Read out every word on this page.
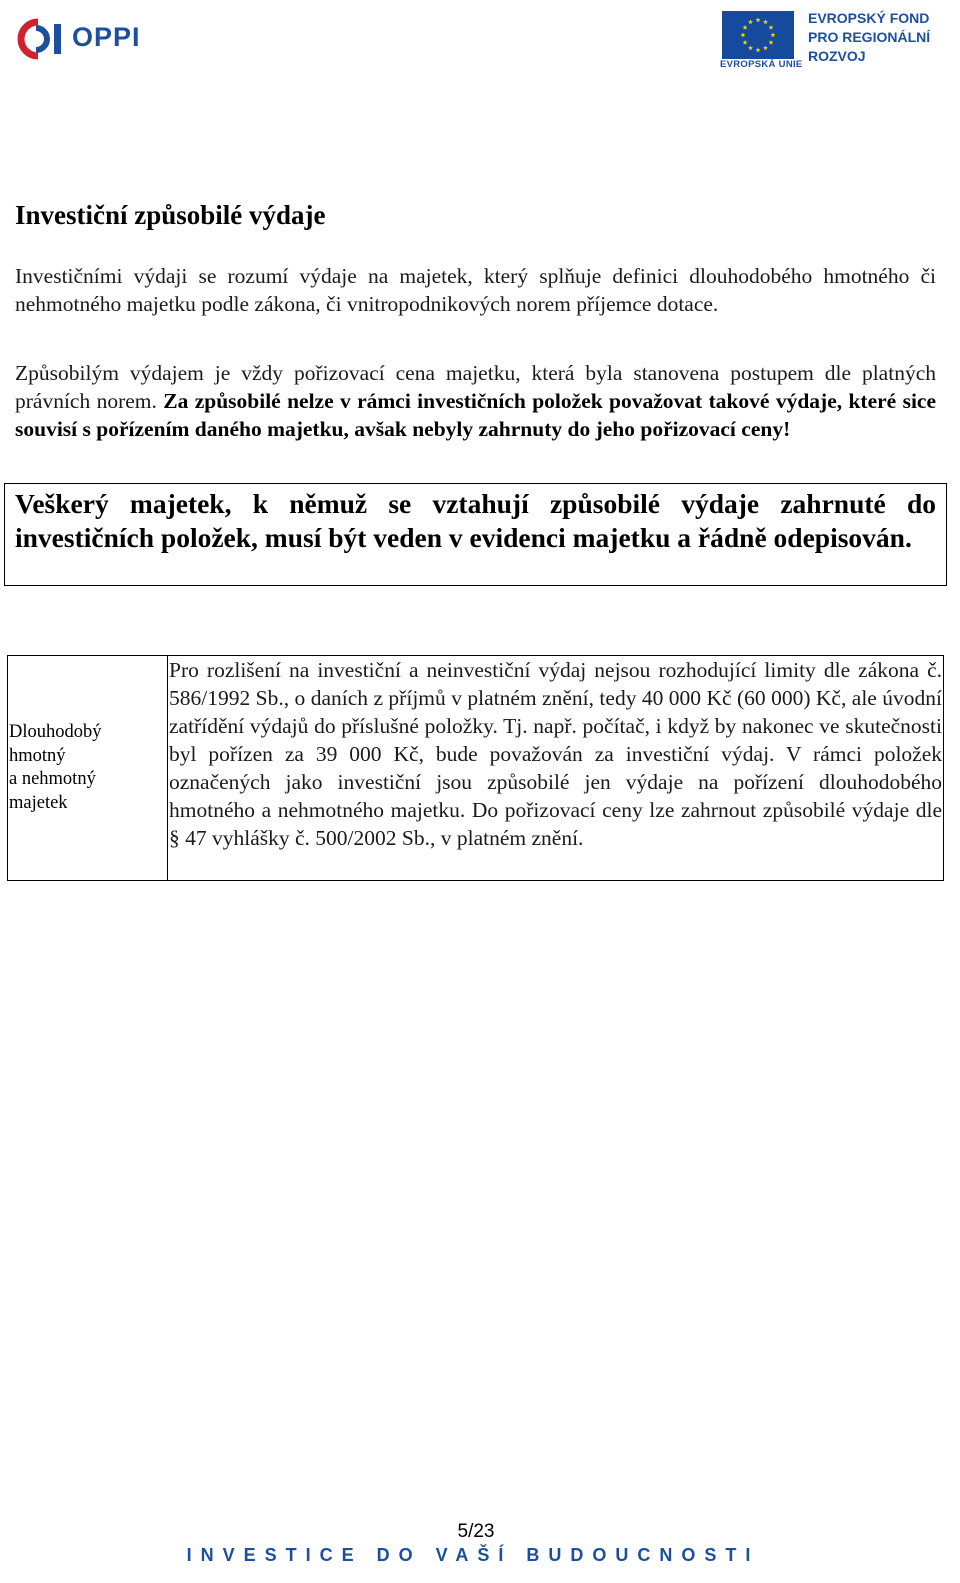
OPPI
EVROPSKÁ UNIE
EVROPSKÝ FOND
PRO REGIONÁLNÍ
ROZVOJ
Investiční způsobilé výdaje
Investičními výdaji se rozumí výdaje na majetek, který splňuje definici dlouhodobého hmotného či nehmotného majetku podle zákona, či vnitropodnikových norem příjemce dotace.
Způsobilým výdajem je vždy pořizovací cena majetku, která byla stanovena postupem dle platných právních norem. Za způsobilé nelze v rámci investičních položek považovat takové výdaje, které sice souvisí s pořízením daného majetku, avšak nebyly zahrnuty do jeho pořizovací ceny!
Veškerý majetek, k němuž se vztahují způsobilé výdaje zahrnuté do investičních položek, musí být veden v evidenci majetku a řádně odepisován.
Dlouhodobý
hmotný
a nehmotný
majetek
Pro rozlišení na investiční a neinvestiční výdaj nejsou rozhodující limity dle zákona č. 586/1992 Sb., o daních z příjmů v platném znění, tedy 40 000 Kč (60 000) Kč, ale úvodní zatřídění výdajů do příslušné položky. Tj. např. počítač, i když by nakonec ve skutečnosti byl pořízen za 39 000 Kč, bude považován za investiční výdaj. V rámci položek označených jako investiční jsou způsobilé jen výdaje na pořízení dlouhodobého hmotného a nehmotného majetku. Do pořizovací ceny lze zahrnout způsobilé výdaje dle § 47 vyhlášky č. 500/2002 Sb., v platném znění.
5/23
INVESTICE DO VAŠÍ BUDOUCNOSTI
